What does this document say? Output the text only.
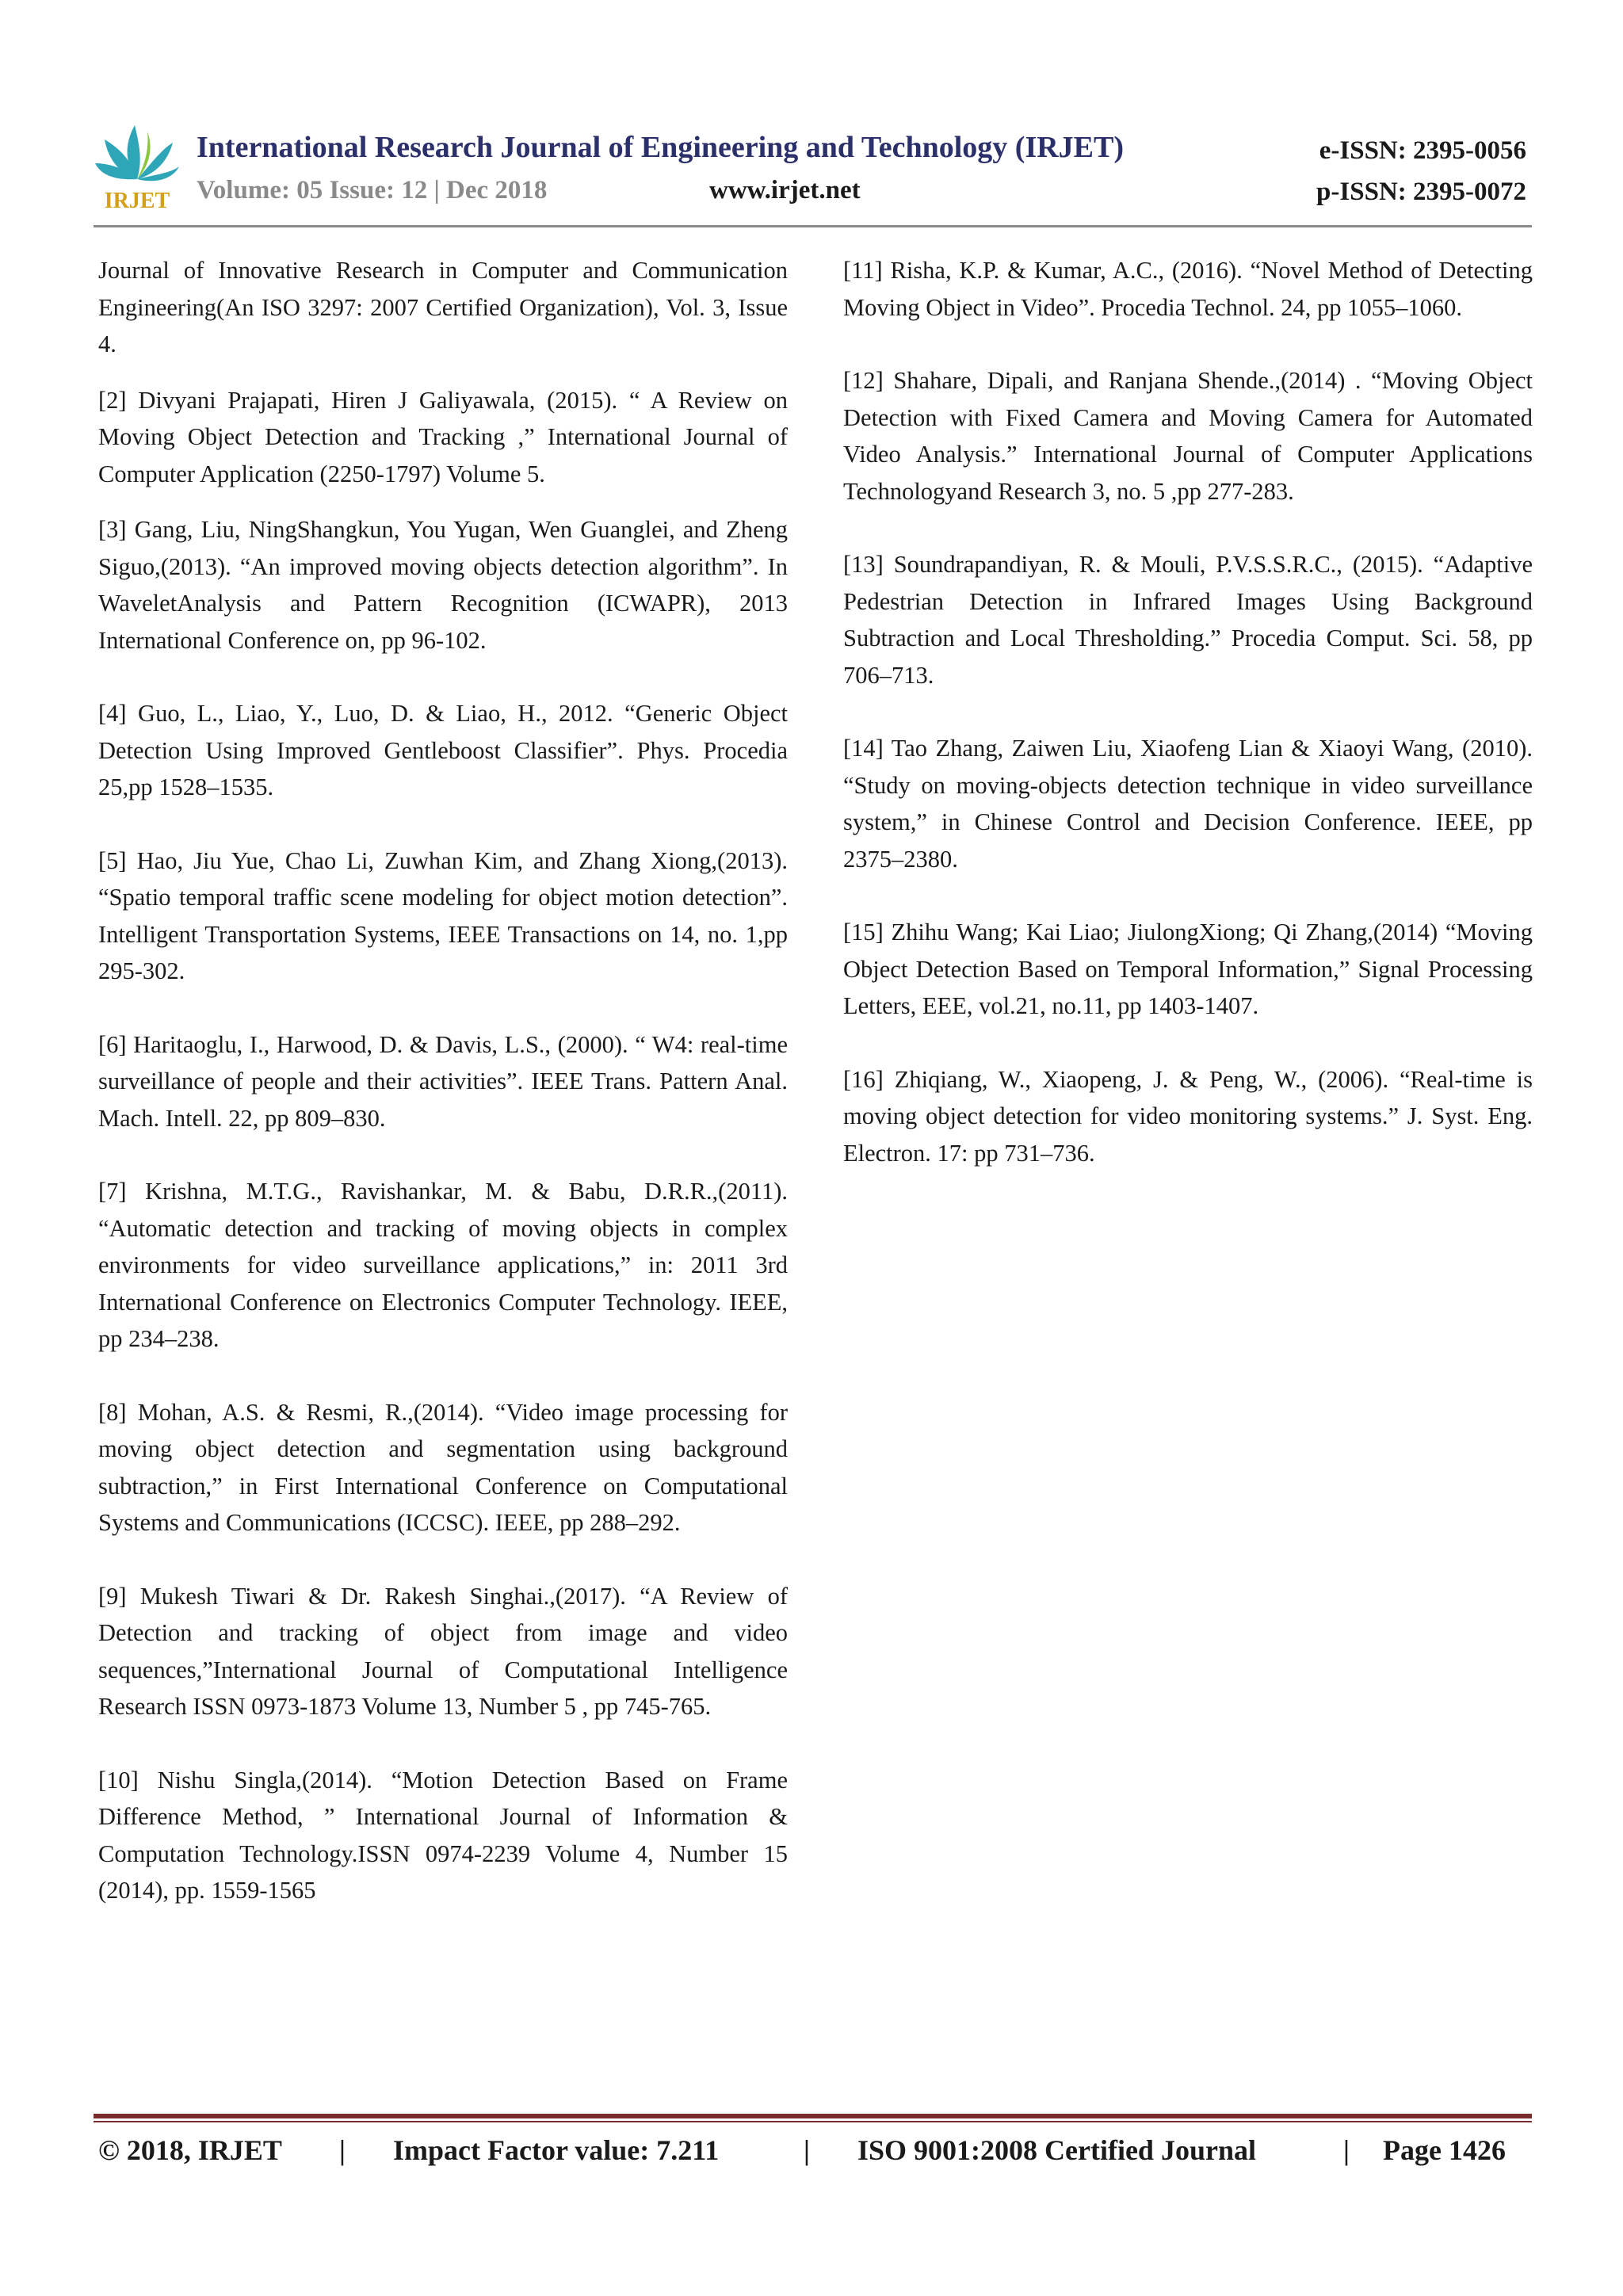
IRJET
International Research Journal of Engineering and Technology (IRJET)
Volume: 05 Issue: 12 | Dec 2018	www.irjet.net
e-ISSN: 2395-0056
p-ISSN: 2395-0072

Journal of Innovative Research in Computer and Communication Engineering(An ISO 3297: 2007 Certified Organization), Vol. 3, Issue 4.

[2] Divyani Prajapati, Hiren J Galiyawala, (2015). “ A Review on Moving Object Detection and Tracking ,” International Journal of Computer Application (2250-1797) Volume 5.

[3] Gang, Liu, NingShangkun, You Yugan, Wen Guanglei, and Zheng Siguo,(2013). “An improved moving objects detection algorithm”. In WaveletAnalysis and Pattern Recognition (ICWAPR), 2013 International Conference on, pp 96-102.

[4] Guo, L., Liao, Y., Luo, D. & Liao, H., 2012. “Generic Object Detection Using Improved Gentleboost Classifier”. Phys. Procedia 25,pp 1528–1535.

[5] Hao, Jiu Yue, Chao Li, Zuwhan Kim, and Zhang Xiong,(2013). “Spatio temporal traffic scene modeling for object motion detection”. Intelligent Transportation Systems, IEEE Transactions on 14, no. 1,pp 295-302.

[6] Haritaoglu, I., Harwood, D. & Davis, L.S., (2000). “ W4: real-time surveillance of people and their activities”. IEEE Trans. Pattern Anal. Mach. Intell. 22, pp 809–830.

[7] Krishna, M.T.G., Ravishankar, M. & Babu, D.R.R.,(2011). “Automatic detection and tracking of moving objects in complex environments for video surveillance applications,” in: 2011 3rd International Conference on Electronics Computer Technology. IEEE, pp 234–238.

[8] Mohan, A.S. & Resmi, R.,(2014). “Video image processing for moving object detection and segmentation using background subtraction,” in First International Conference on Computational Systems and Communications (ICCSC). IEEE, pp 288–292.

[9] Mukesh Tiwari & Dr. Rakesh Singhai.,(2017). “A Review of Detection and tracking of object from image and video sequences,”International Journal of Computational Intelligence Research ISSN 0973-1873 Volume 13, Number 5 , pp 745-765.

[10] Nishu Singla,(2014). “Motion Detection Based on Frame Difference Method, ” International Journal of Information & Computation Technology.ISSN 0974-2239 Volume 4, Number 15 (2014), pp. 1559-1565

[11] Risha, K.P. & Kumar, A.C., (2016). “Novel Method of Detecting Moving Object in Video”. Procedia Technol. 24, pp 1055–1060.

[12] Shahare, Dipali, and Ranjana Shende.,(2014) . “Moving Object Detection with Fixed Camera and Moving Camera for Automated Video Analysis.” International Journal of Computer Applications Technologyand Research 3, no. 5 ,pp 277-283.

[13] Soundrapandiyan, R. & Mouli, P.V.S.S.R.C., (2015). “Adaptive Pedestrian Detection in Infrared Images Using Background Subtraction and Local Thresholding.” Procedia Comput. Sci. 58, pp 706–713.

[14] Tao Zhang, Zaiwen Liu, Xiaofeng Lian & Xiaoyi Wang, (2010). “Study on moving-objects detection technique in video surveillance system,” in Chinese Control and Decision Conference. IEEE, pp 2375–2380.

[15] Zhihu Wang; Kai Liao; JiulongXiong; Qi Zhang,(2014) “Moving Object Detection Based on Temporal Information,” Signal Processing Letters, EEE, vol.21, no.11, pp 1403-1407.

[16] Zhiqiang, W., Xiaopeng, J. & Peng, W., (2006). “Real-time is moving object detection for video monitoring systems.” J. Syst. Eng. Electron. 17: pp 731–736.

© 2018, IRJET | Impact Factor value: 7.211	| ISO 9001:2008 Certified Journal	| Page 1426
